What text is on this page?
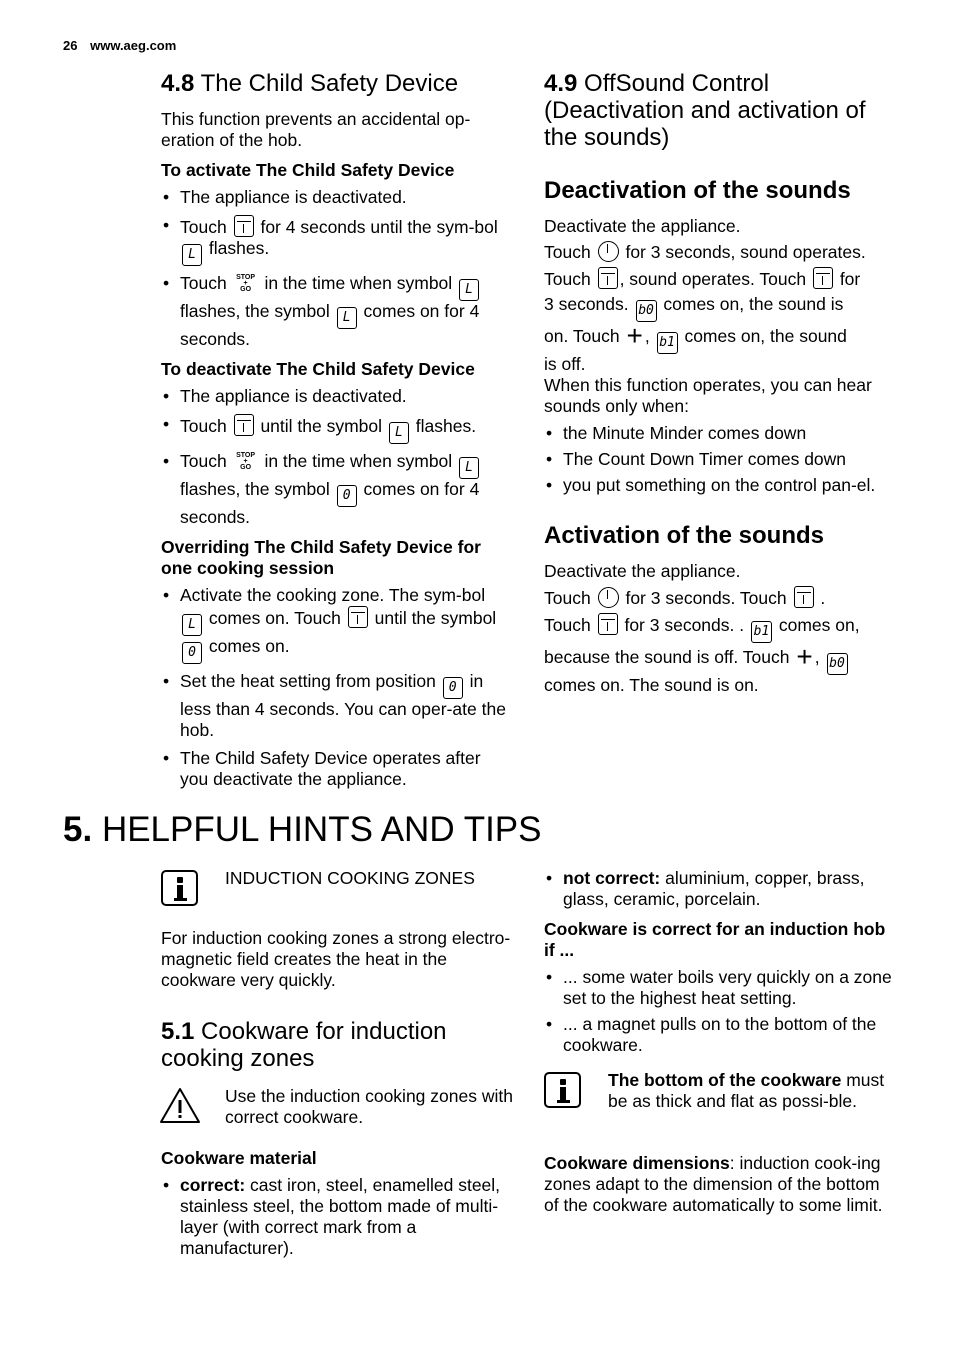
26 www.aeg.com
4.8 The Child Safety Device

This function prevents an accidental op-eration of the hob.

To activate The Child Safety Device

• The appliance is deactivated.
• Touch for 4 seconds until the sym-bol L flashes.
• Touch STOP
+
GO in the time when symbol L flashes, the symbol L comes on for 4 seconds.

To deactivate The Child Safety Device

• The appliance is deactivated.
• Touch until the symbol L flashes.
• Touch STOP
+
GO in the time when symbol L flashes, the symbol 0 comes on for 4 seconds.

Overriding The Child Safety Device for one cooking session

• Activate the cooking zone. The sym-bol L comes on. Touch until the symbol 0 comes on.
• Set the heat setting from position 0 in less than 4 seconds. You can oper-ate the hob.
• The Child Safety Device operates after you deactivate the appliance.
4.9 OffSound Control (Deactivation and activation of the sounds)
Deactivation of the sounds
Deactivate the appliance.
Touch for 3 seconds, sound operates.
Touch , sound operates. Touch for
3 seconds. b0 comes on, the sound is
on. Touch + , b1 comes on, the sound
is off.
When this function operates, you can hear sounds only when:
• the Minute Minder comes down
• The Count Down Timer comes down
• you put something on the control pan-el.
Activation of the sounds
Deactivate the appliance.
Touch for 3 seconds. Touch .
Touch for 3 seconds. . b1 comes on,
because the sound is off. Touch + , b0
comes on. The sound is on.
5. HELPFUL HINTS AND TIPS
INDUCTION COOKING ZONES
For induction cooking zones a strong electro-magnetic field creates the heat in the cookware very quickly.
5.1 Cookware for induction cooking zones
Use the induction cooking zones with correct cookware.

Cookware material

• correct: cast iron, steel, enamelled steel, stainless steel, the bottom made of multi-layer (with correct mark from a manufacturer).
• not correct: aluminium, copper, brass, glass, ceramic, porcelain.

Cookware is correct for an induction hob if ...

• ... some water boils very quickly on a zone set to the highest heat setting.
• ... a magnet pulls on to the bottom of the cookware.
The bottom of the cookware must be as thick and flat as possi-ble.
Cookware dimensions: induction cook-ing zones adapt to the dimension of the bottom of the cookware automatically to some limit.
